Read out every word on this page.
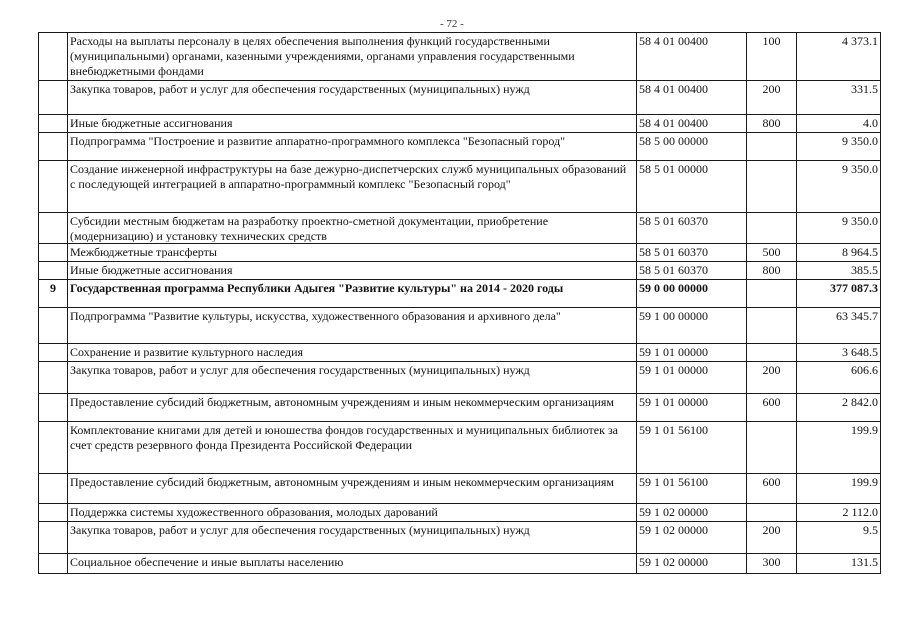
- 72 -

	Расходы на выплаты персоналу в целях обеспечения выполнения функций государственными (муниципальными) органами, казенными учреждениями, органами управления государственными внебюджетными фондами	58 4 01 00400	100	4 373.1

	Закупка товаров, работ и услуг для обеспечения государственных (муниципальных) нужд	58 4 01 00400	200	331.5

	Иные бюджетные ассигнования	58 4 01 00400	800	4.0

	Подпрограмма "Построение и развитие аппаратно-программного комплекса "Безопасный город"	58 5 00 00000		9 350.0

	Создание инженерной инфраструктуры на базе дежурно-диспетчерских служб муниципальных образований с последующей интеграцией в аппаратно-программный комплекс "Безопасный город"	58 5 01 00000		9 350.0

	Субсидии местным бюджетам на разработку проектно-сметной документации, приобретение (модернизацию) и установку технических средств	58 5 01 60370		9 350.0

	Межбюджетные трансферты	58 5 01 60370	500	8 964.5

	Иные бюджетные ассигнования	58 5 01 60370	800	385.5
9	Государственная программа Республики Адыгея "Развитие культуры" на 2014 - 2020 годы	59 0 00 00000		377 087.3

	Подпрограмма "Развитие культуры, искусства, художественного образования и архивного дела"	59 1 00 00000		63 345.7

	Сохранение и развитие культурного наследия	59 1 01 00000		3 648.5

	Закупка товаров, работ и услуг для обеспечения государственных (муниципальных) нужд	59 1 01 00000	200	606.6

	Предоставление субсидий бюджетным, автономным учреждениям и иным некоммерческим организациям	59 1 01 00000	600	2 842.0

	Комплектование книгами для детей и юношества фондов государственных и муниципальных библиотек за счет средств резервного фонда Президента Российской Федерации	59 1 01 56100		199.9

	Предоставление субсидий бюджетным, автономным учреждениям и иным некоммерческим организациям	59 1 01 56100	600	199.9

	Поддержка системы художественного образования, молодых дарований	59 1 02 00000		2 112.0

	Закупка товаров, работ и услуг для обеспечения государственных (муниципальных) нужд	59 1 02 00000	200	9.5

	Социальное обеспечение и иные выплаты населению	59 1 02 00000	300	131.5
